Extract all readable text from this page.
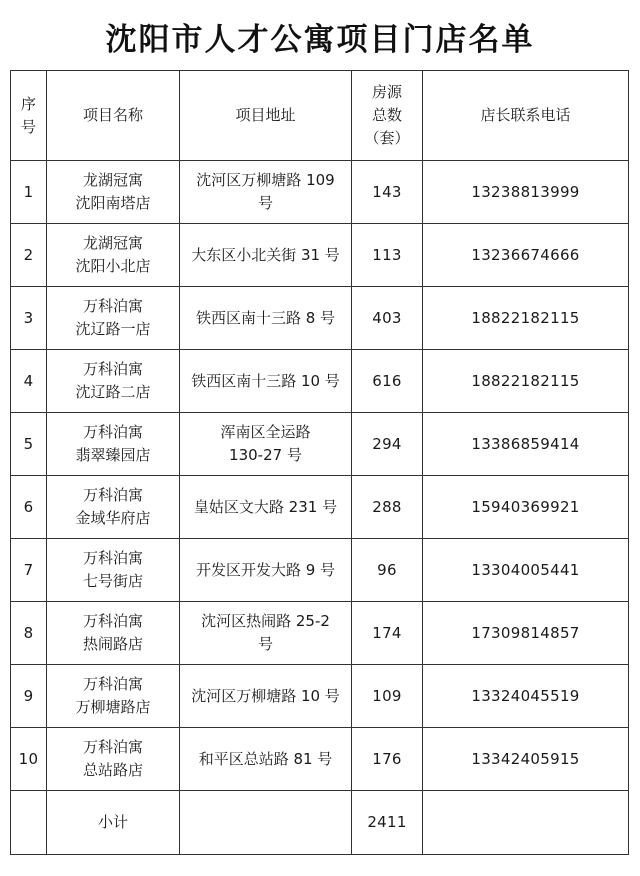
沈阳市人才公寓项目门店名单
序
号	项目名称	项目地址	房源
总数
（套）	店长联系电话
1	龙湖冠寓
沈阳南塔店	沈河区万柳塘路 109
号	143	13238813999
2	龙湖冠寓
沈阳小北店	大东区小北关街 31 号	113	13236674666
3	万科泊寓
沈辽路一店	铁西区南十三路 8 号	403	18822182115
4	万科泊寓
沈辽路二店	铁西区南十三路 10 号	616	18822182115
5	万科泊寓
翡翠臻园店	浑南区全运路
130-27 号	294	13386859414
6	万科泊寓
金域华府店	皇姑区文大路 231 号	288	15940369921
7	万科泊寓
七号街店	开发区开发大路 9 号	96	13304005441
8	万科泊寓
热闹路店	沈河区热闹路 25-2
号	174	17309814857
9	万科泊寓
万柳塘路店	沈河区万柳塘路 10 号	109	13324045519
10	万科泊寓
总站路店	和平区总站路 81 号	176	13342405915
	小计		2411	
